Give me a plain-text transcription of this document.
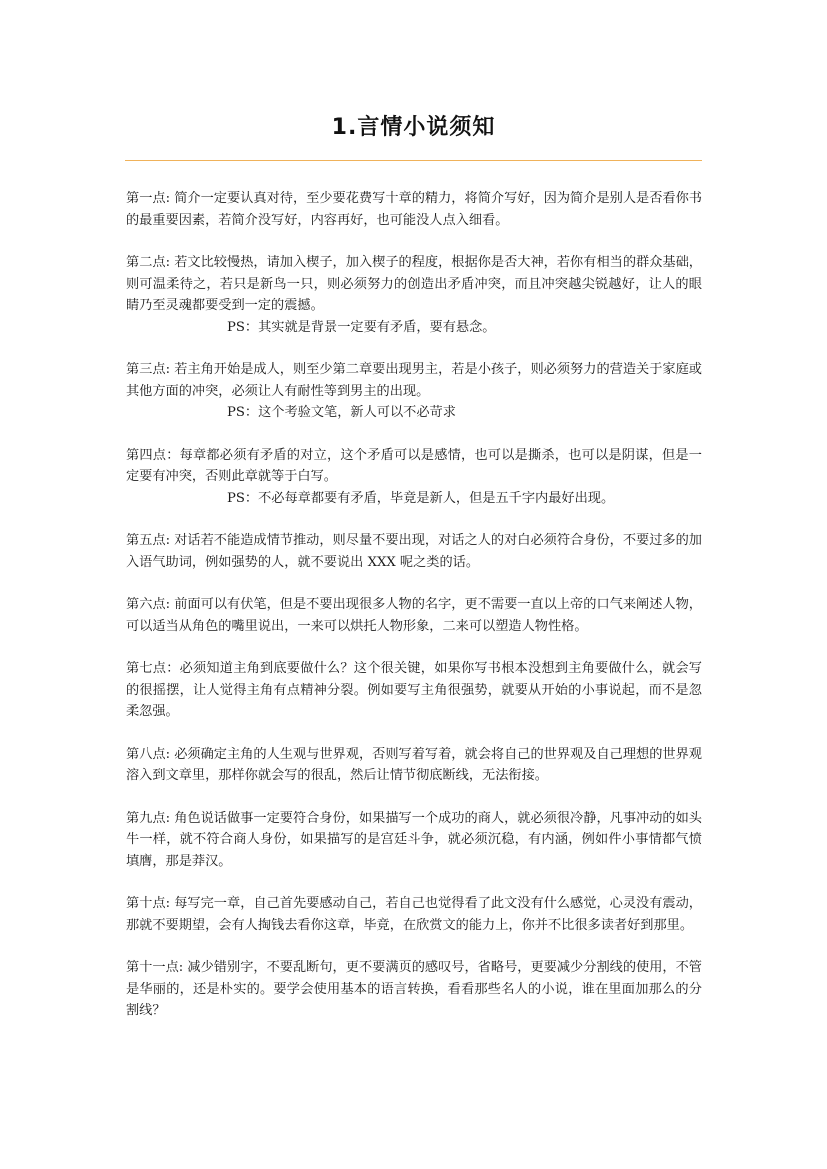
1.言情小说须知

第一点: 简介一定要认真对待，至少要花费写十章的精力，将简介写好，因为简介是别人是否看你书的最重要因素，若简介没写好，内容再好，也可能没人点入细看。

第二点: 若文比较慢热，请加入楔子，加入楔子的程度，根据你是否大神，若你有相当的群众基础，则可温柔待之，若只是新鸟一只，则必须努力的创造出矛盾冲突，而且冲突越尖锐越好，让人的眼睛乃至灵魂都要受到一定的震撼。

PS：其实就是背景一定要有矛盾，要有悬念。

第三点: 若主角开始是成人，则至少第二章要出现男主，若是小孩子，则必须努力的营造关于家庭或其他方面的冲突，必须让人有耐性等到男主的出现。

PS：这个考验文笔，新人可以不必苛求

第四点：每章都必须有矛盾的对立，这个矛盾可以是感情，也可以是撕杀，也可以是阴谋，但是一定要有冲突，否则此章就等于白写。

PS：不必每章都要有矛盾，毕竟是新人，但是五千字内最好出现。

第五点: 对话若不能造成情节推动，则尽量不要出现，对话之人的对白必须符合身份，不要过多的加入语气助词，例如强势的人，就不要说出 XXX 呢之类的话。

第六点: 前面可以有伏笔，但是不要出现很多人物的名字，更不需要一直以上帝的口气来阐述人物，可以适当从角色的嘴里说出，一来可以烘托人物形象，二来可以塑造人物性格。

第七点：必须知道主角到底要做什么？这个很关键，如果你写书根本没想到主角要做什么，就会写的很摇摆，让人觉得主角有点精神分裂。例如要写主角很强势，就要从开始的小事说起，而不是忽柔忽强。

第八点: 必须确定主角的人生观与世界观，否则写着写着，就会将自己的世界观及自己理想的世界观溶入到文章里，那样你就会写的很乱，然后让情节彻底断线，无法衔接。

第九点: 角色说话做事一定要符合身份，如果描写一个成功的商人，就必须很冷静，凡事冲动的如头牛一样，就不符合商人身份，如果描写的是宫廷斗争，就必须沉稳，有内涵，例如件小事情都气愤填膺，那是莽汉。

第十点: 每写完一章，自己首先要感动自己，若自己也觉得看了此文没有什么感觉，心灵没有震动，那就不要期望，会有人掏钱去看你这章，毕竟，在欣赏文的能力上，你并不比很多读者好到那里。

第十一点: 减少错别字，不要乱断句，更不要满页的感叹号，省略号，更要减少分割线的使用，不管是华丽的，还是朴实的。要学会使用基本的语言转换，看看那些名人的小说，谁在里面加那么的分割线？
